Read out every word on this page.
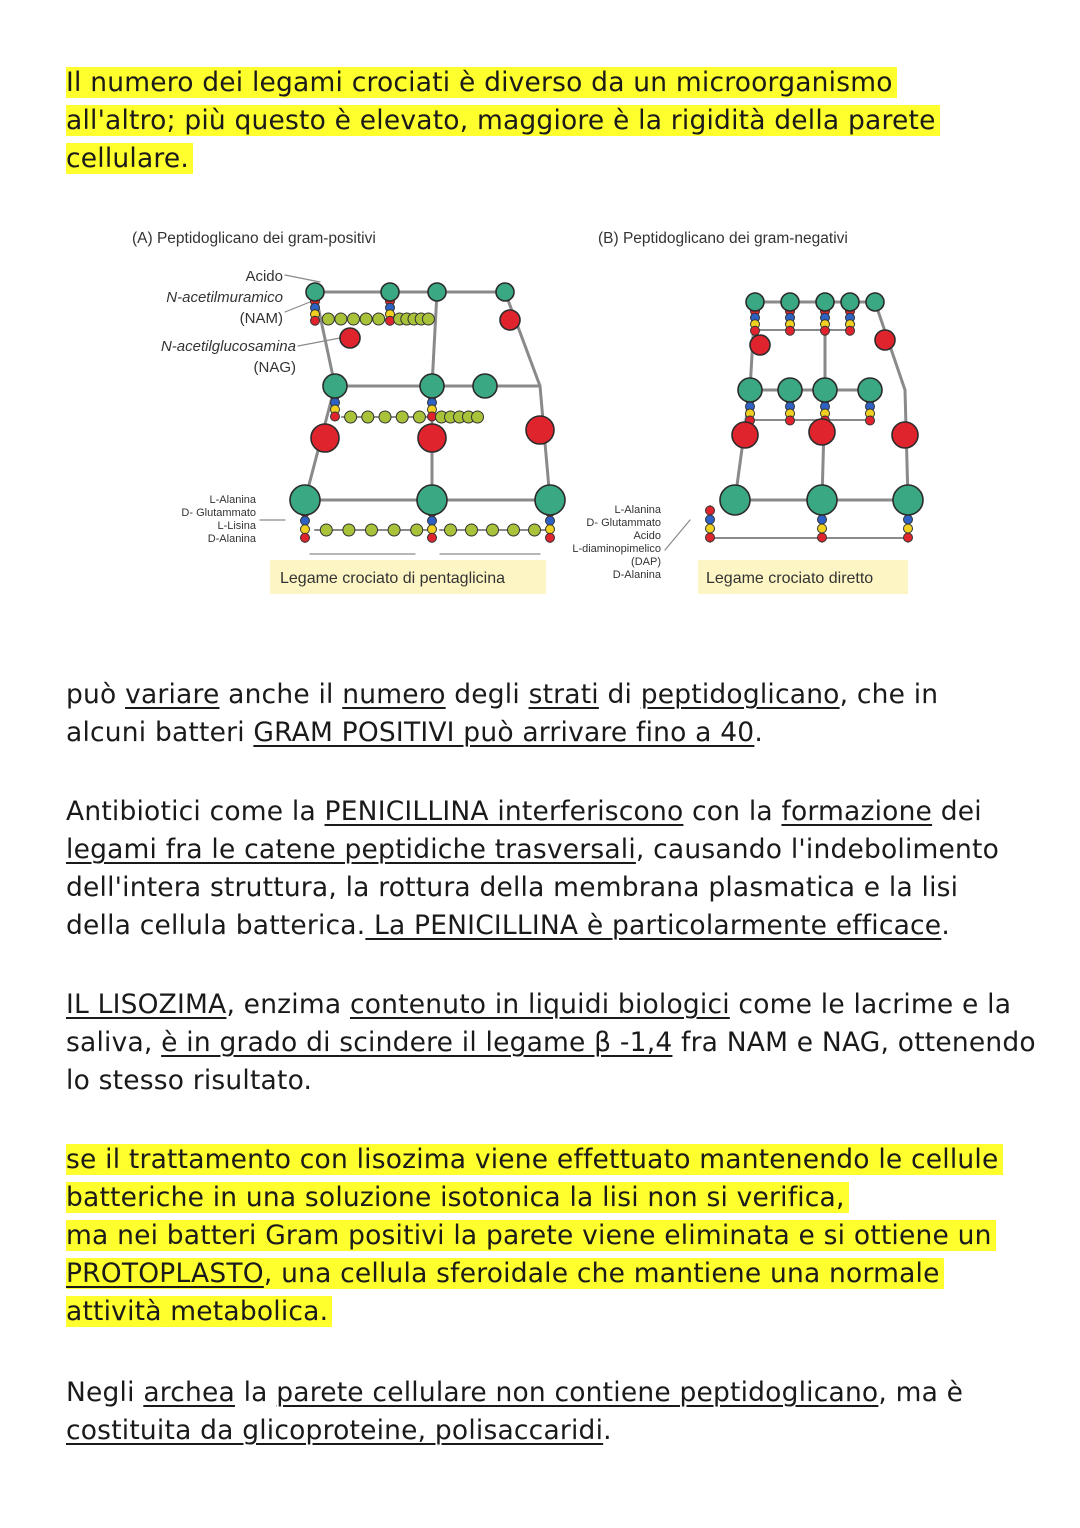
Il numero dei legami crociati è diverso da un microorganismo
all'altro; più questo è elevato, maggiore è la rigidità della parete
cellulare.
(A) Peptidoglicano dei gram-positivi	(B) Peptidoglicano dei gram-negativi
Acido
N-acetilmuramico
(NAM)
N-acetilglucosamina
(NAG)
L-Alanina
D- Glutammato
L-Lisina
D-Alanina
L-Alanina
D- Glutammato
Acido
L-diaminopimelico
(DAP)
D-Alanina
Legame crociato di pentaglicina	Legame crociato diretto
può variare anche il numero degli strati di peptidoglicano, che in
alcuni batteri GRAM POSITIVI può arrivare fino a 40.
Antibiotici come la PENICILLINA interferiscono con la formazione dei
legami fra le catene peptidiche trasversali, causando l'indebolimento
dell'intera struttura, la rottura della membrana plasmatica e la lisi
della cellula batterica. La PENICILLINA è particolarmente efficace.
IL LISOZIMA, enzima contenuto in liquidi biologici come le lacrime e la
saliva, è in grado di scindere il legame β -1,4 fra NAM e NAG, ottenendo
lo stesso risultato.
se il trattamento con lisozima viene effettuato mantenendo le cellule
batteriche in una soluzione isotonica la lisi non si verifica,
ma nei batteri Gram positivi la parete viene eliminata e si ottiene un
PROTOPLASTO, una cellula sferoidale che mantiene una normale
attività metabolica.
Negli archea la parete cellulare non contiene peptidoglicano, ma è
costituita da glicoproteine, polisaccaridi.
